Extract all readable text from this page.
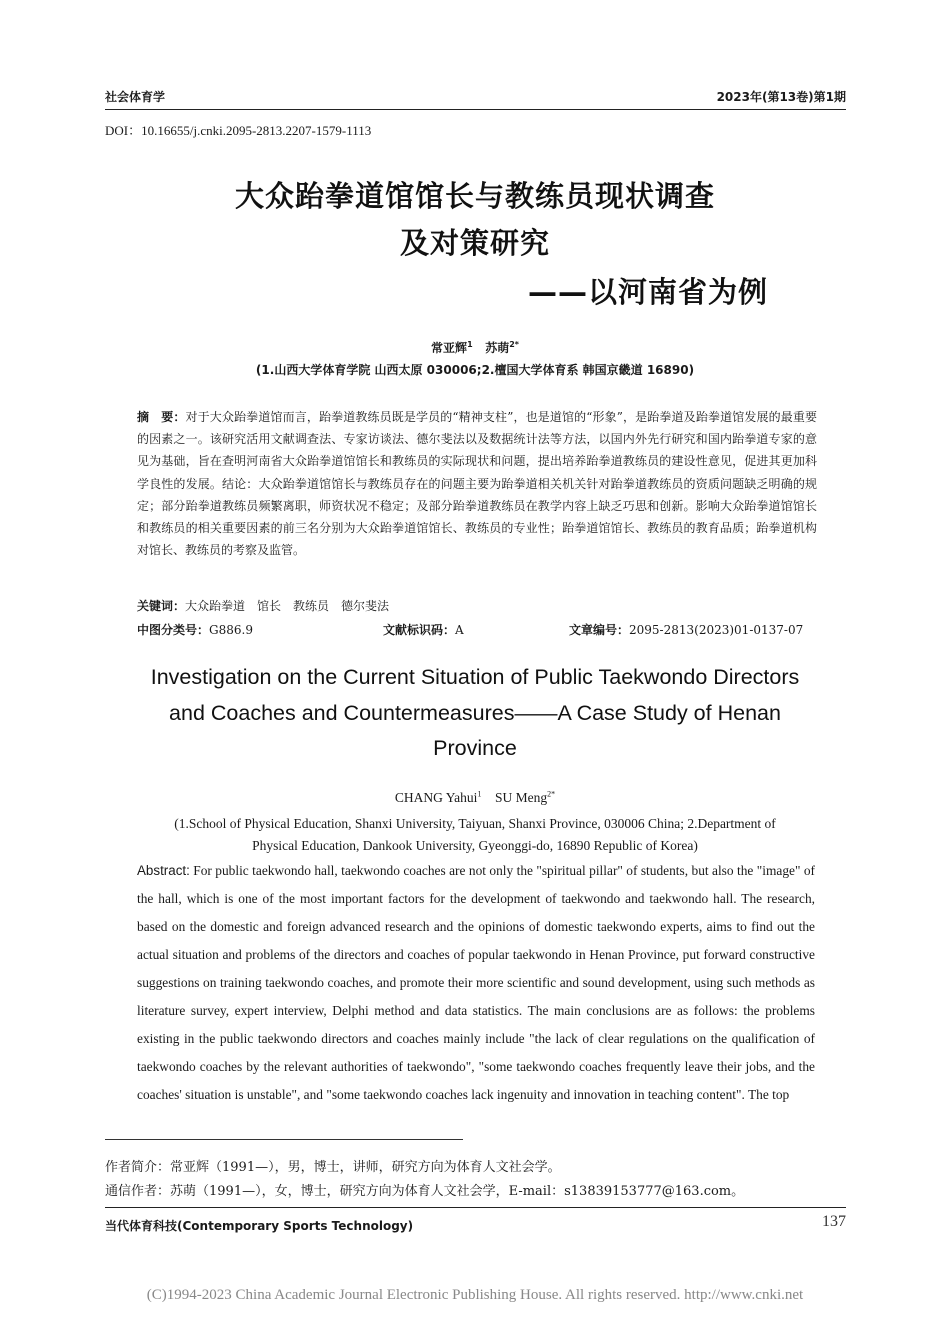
社会体育学	2023年(第13卷)第1期
DOI：10.16655/j.cnki.2095-2813.2207-1579-1113
大众跆拳道馆馆长与教练员现状调查
及对策研究
——以河南省为例
常亚辉$^1$ 苏萌$^{2*}$
(1.山西大学体育学院 山西太原 030006;2.檀国大学体育系 韩国京畿道 16890)
摘　要：对于大众跆拳道馆而言，跆拳道教练员既是学员的“精神支柱”，也是道馆的“形象”，是跆拳道及跆拳道馆发展的最重要的因素之一。该研究活用文献调查法、专家访谈法、德尔斐法以及数据统计法等方法，以国内外先行研究和国内跆拳道专家的意见为基础，旨在查明河南省大众跆拳道馆馆长和教练员的实际现状和问题，提出培养跆拳道教练员的建设性意见，促进其更加科学良性的发展。结论：大众跆拳道馆馆长与教练员存在的问题主要为跆拳道相关机关针对跆拳道教练员的资质问题缺乏明确的规定；部分跆拳道教练员频繁离职，师资状况不稳定；及部分跆拳道教练员在教学内容上缺乏巧思和创新。影响大众跆拳道馆馆长和教练员的相关重要因素的前三名分别为大众跆拳道馆馆长、教练员的专业性；跆拳道馆馆长、教练员的教育品质；跆拳道机构对馆长、教练员的考察及监管。
关键词：大众跆拳道　馆长　教练员　德尔斐法
中图分类号：G886.9	文献标识码：A	文章编号：2095-2813(2023)01-0137-07
Investigation on the Current Situation of Public Taekwondo Directors
and Coaches and Countermeasures——A Case Study of Henan
Province
CHANG Yahui$^1$ SU Meng$^{2*}$
(1.School of Physical Education, Shanxi University, Taiyuan, Shanxi Province, 030006 China; 2.Department of
Physical Education, Dankook University, Gyeonggi-do, 16890 Republic of Korea)
Abstract: For public taekwondo hall, taekwondo coaches are not only the "spiritual pillar" of students, but also the "image" of the hall, which is one of the most important factors for the development of taekwondo and taekwondo hall. The research, based on the domestic and foreign advanced research and the opinions of domestic taekwondo experts, aims to find out the actual situation and problems of the directors and coaches of popular taekwondo in Henan Province, put forward constructive suggestions on training taekwondo coaches, and promote their more scientific and sound development, using such methods as literature survey, expert interview, Delphi method and data statistics. The main conclusions are as follows: the problems existing in the public taekwondo directors and coaches mainly include "the lack of clear regulations on the qualification of taekwondo coaches by the relevant authorities of taekwondo", "some taekwondo coaches frequently leave their jobs, and the coaches' situation is unstable", and "some taekwondo coaches lack ingenuity and innovation in teaching content". The top
作者简介：常亚辉（1991—），男，博士，讲师，研究方向为体育人文社会学。
通信作者：苏萌（1991—），女，博士，研究方向为体育人文社会学，E-mail：s13839153777@163.com。
当代体育科技(Contemporary Sports Technology)	137
(C)1994-2023 China Academic Journal Electronic Publishing House. All rights reserved. http://www.cnki.net
